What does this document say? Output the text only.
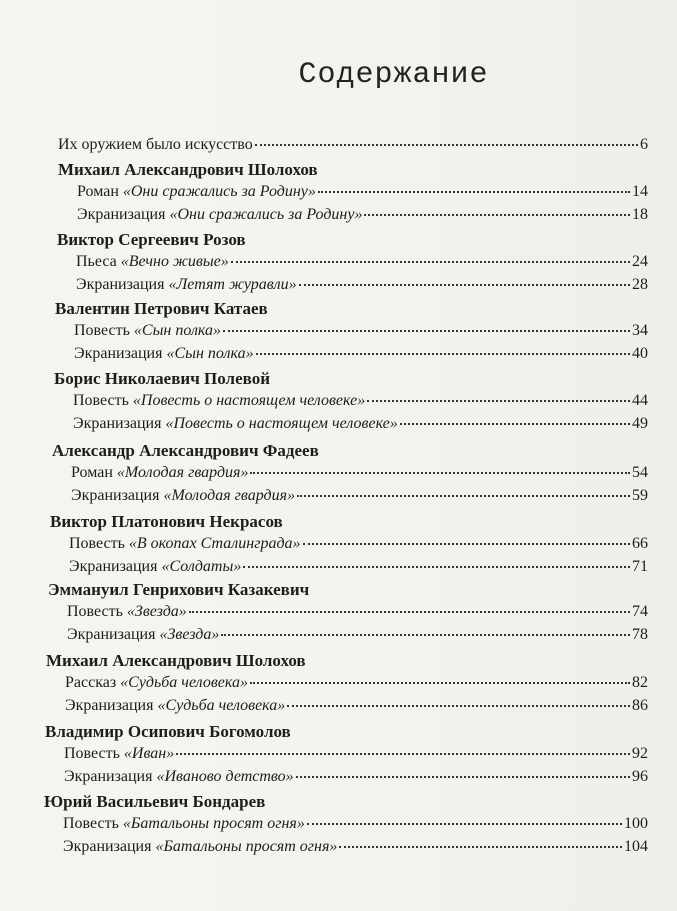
Содержание
Их оружием было искусство	6
Михаил Александрович Шолохов
Роман «Они сражались за Родину»	14
Экранизация «Они сражались за Родину»	18
Виктор Сергеевич Розов
Пьеса «Вечно живые»	24
Экранизация «Летят журавли»	28
Валентин Петрович Катаев
Повесть «Сын полка»	34
Экранизация «Сын полка»	40
Борис Николаевич Полевой
Повесть «Повесть о настоящем человеке»	44
Экранизация «Повесть о настоящем человеке»	49
Александр Александрович Фадеев
Роман «Молодая гвардия»	54
Экранизация «Молодая гвардия»	59
Виктор Платонович Некрасов
Повесть «В окопах Сталинграда»	66
Экранизация «Солдаты»	71
Эммануил Генрихович Казакевич
Повесть «Звезда»	74
Экранизация «Звезда»	78
Михаил Александрович Шолохов
Рассказ «Судьба человека»	82
Экранизация «Судьба человека»	86
Владимир Осипович Богомолов
Повесть «Иван»	92
Экранизация «Иваново детство»	96
Юрий Васильевич Бондарев
Повесть «Батальоны просят огня»	100
Экранизация «Батальоны просят огня»	104
